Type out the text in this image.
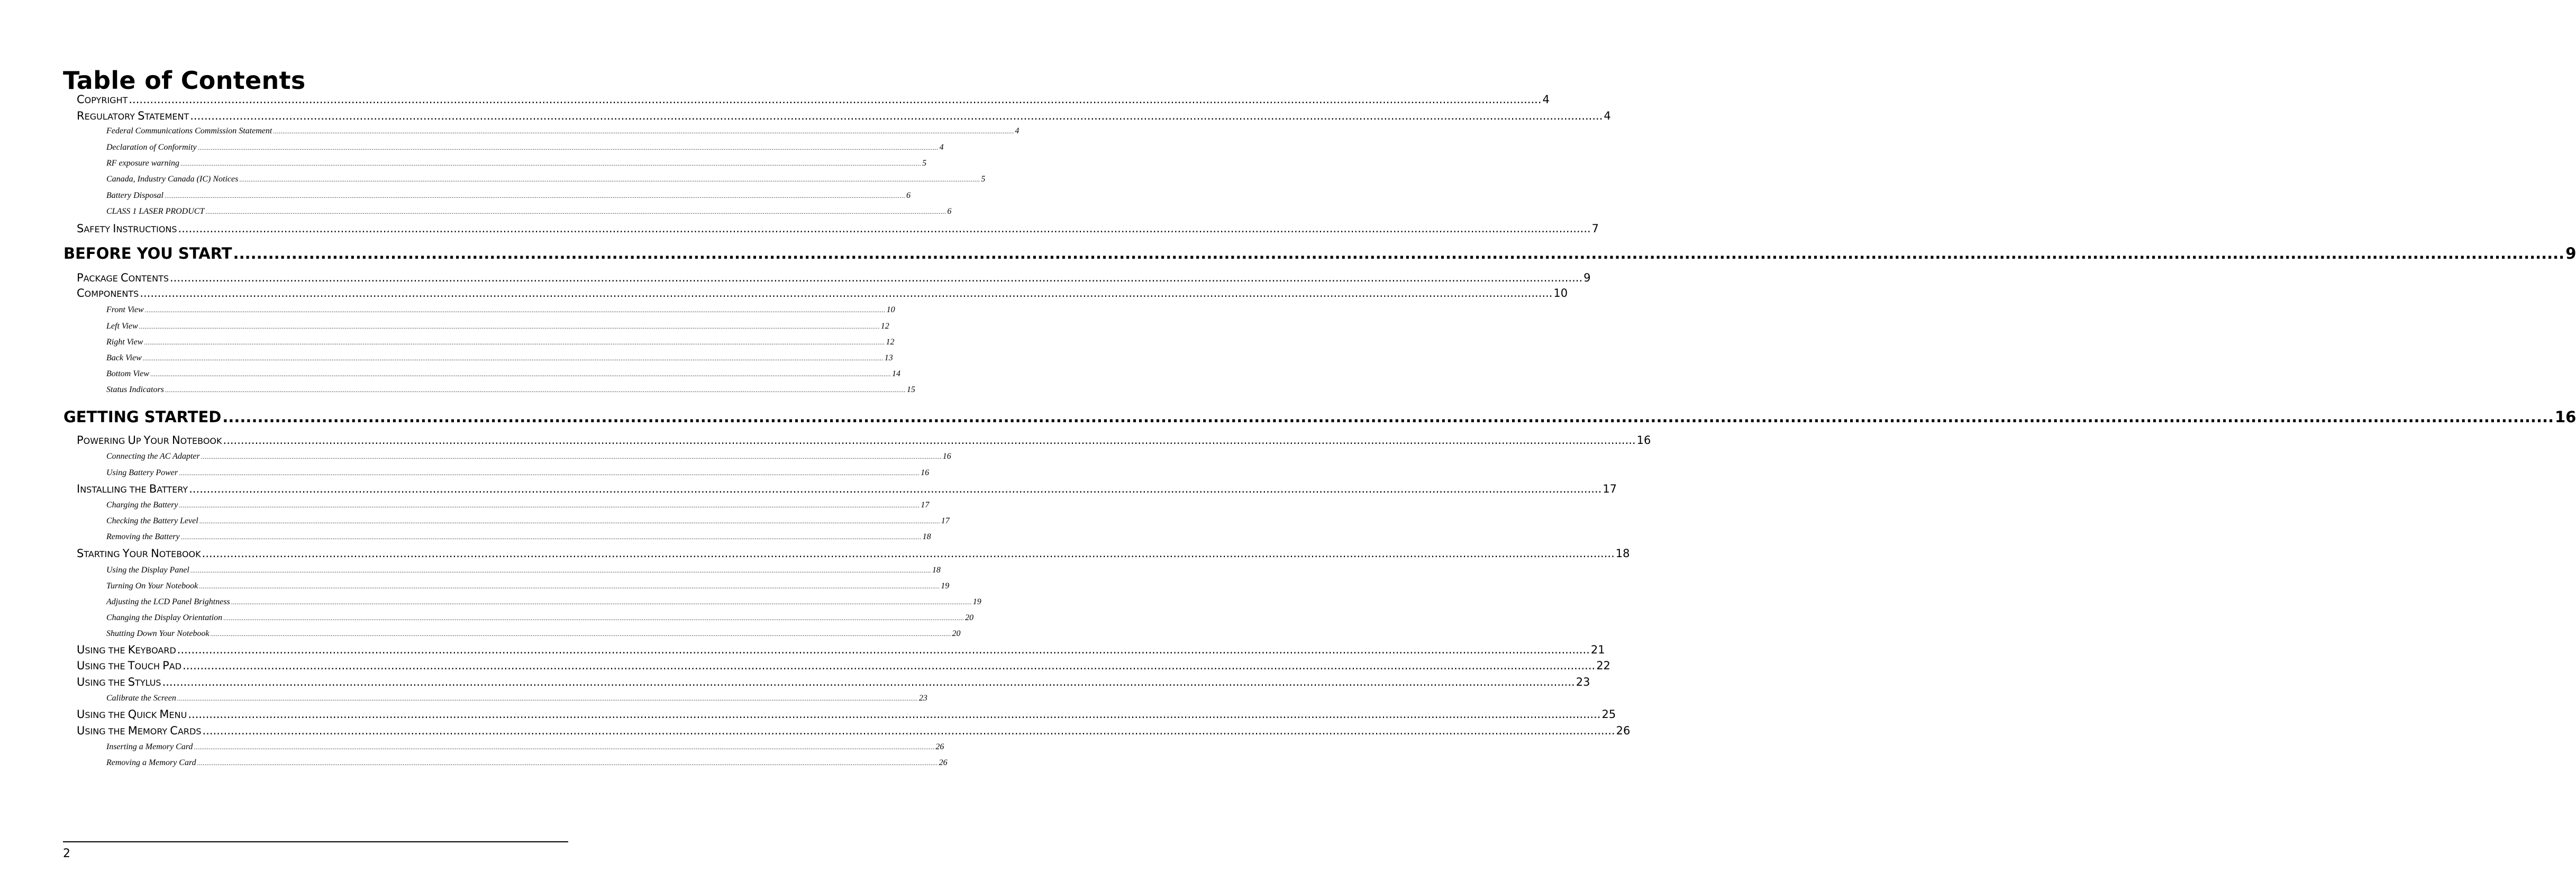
Table of Contents
COPYRIGHT ................................................................................................................................................................................................................................................................................................................................................................................................................ 4
REGULATORY STATEMENT ................................................................................................................................................................................................................................................................................................................................................................................................................ 4
Federal Communications Commission Statement ................................................................................................................................................................................................................................................................................................................................................................................................................ 4
Declaration of Conformity ................................................................................................................................................................................................................................................................................................................................................................................................................ 4
RF exposure warning ................................................................................................................................................................................................................................................................................................................................................................................................................ 5
Canada, Industry Canada (IC) Notices ................................................................................................................................................................................................................................................................................................................................................................................................................ 5
Battery Disposal ................................................................................................................................................................................................................................................................................................................................................................................................................ 6
CLASS 1 LASER PRODUCT ................................................................................................................................................................................................................................................................................................................................................................................................................ 6
SAFETY INSTRUCTIONS ................................................................................................................................................................................................................................................................................................................................................................................................................ 7
BEFORE YOU START ................................................................................................................................................................................................................................................................................................................................................................................................................ 9
PACKAGE CONTENTS ................................................................................................................................................................................................................................................................................................................................................................................................................ 9
COMPONENTS ................................................................................................................................................................................................................................................................................................................................................................................................................ 10
Front View ................................................................................................................................................................................................................................................................................................................................................................................................................ 10
Left View ................................................................................................................................................................................................................................................................................................................................................................................................................ 12
Right View ................................................................................................................................................................................................................................................................................................................................................................................................................ 12
Back View ................................................................................................................................................................................................................................................................................................................................................................................................................ 13
Bottom View ................................................................................................................................................................................................................................................................................................................................................................................................................ 14
Status Indicators ................................................................................................................................................................................................................................................................................................................................................................................................................ 15
GETTING STARTED ................................................................................................................................................................................................................................................................................................................................................................................................................ 16
POWERING UP YOUR NOTEBOOK ................................................................................................................................................................................................................................................................................................................................................................................................................ 16
Connecting the AC Adapter ................................................................................................................................................................................................................................................................................................................................................................................................................ 16
Using Battery Power ................................................................................................................................................................................................................................................................................................................................................................................................................ 16
INSTALLING THE BATTERY ................................................................................................................................................................................................................................................................................................................................................................................................................ 17
Charging the Battery ................................................................................................................................................................................................................................................................................................................................................................................................................ 17
Checking the Battery Level ................................................................................................................................................................................................................................................................................................................................................................................................................ 17
Removing the Battery ................................................................................................................................................................................................................................................................................................................................................................................................................ 18
STARTING YOUR NOTEBOOK ................................................................................................................................................................................................................................................................................................................................................................................................................ 18
Using the Display Panel ................................................................................................................................................................................................................................................................................................................................................................................................................ 18
Turning On Your Notebook ................................................................................................................................................................................................................................................................................................................................................................................................................ 19
Adjusting the LCD Panel Brightness ................................................................................................................................................................................................................................................................................................................................................................................................................ 19
Changing the Display Orientation ................................................................................................................................................................................................................................................................................................................................................................................................................ 20
Shutting Down Your Notebook ................................................................................................................................................................................................................................................................................................................................................................................................................ 20
USING THE KEYBOARD ................................................................................................................................................................................................................................................................................................................................................................................................................ 21
USING THE TOUCH PAD ................................................................................................................................................................................................................................................................................................................................................................................................................ 22
USING THE STYLUS ................................................................................................................................................................................................................................................................................................................................................................................................................ 23
Calibrate the Screen ................................................................................................................................................................................................................................................................................................................................................................................................................ 23
USING THE QUICK MENU ................................................................................................................................................................................................................................................................................................................................................................................................................ 25
USING THE MEMORY CARDS ................................................................................................................................................................................................................................................................................................................................................................................................................ 26
Inserting a Memory Card ................................................................................................................................................................................................................................................................................................................................................................................................................ 26
Removing a Memory Card ................................................................................................................................................................................................................................................................................................................................................................................................................ 26
2
